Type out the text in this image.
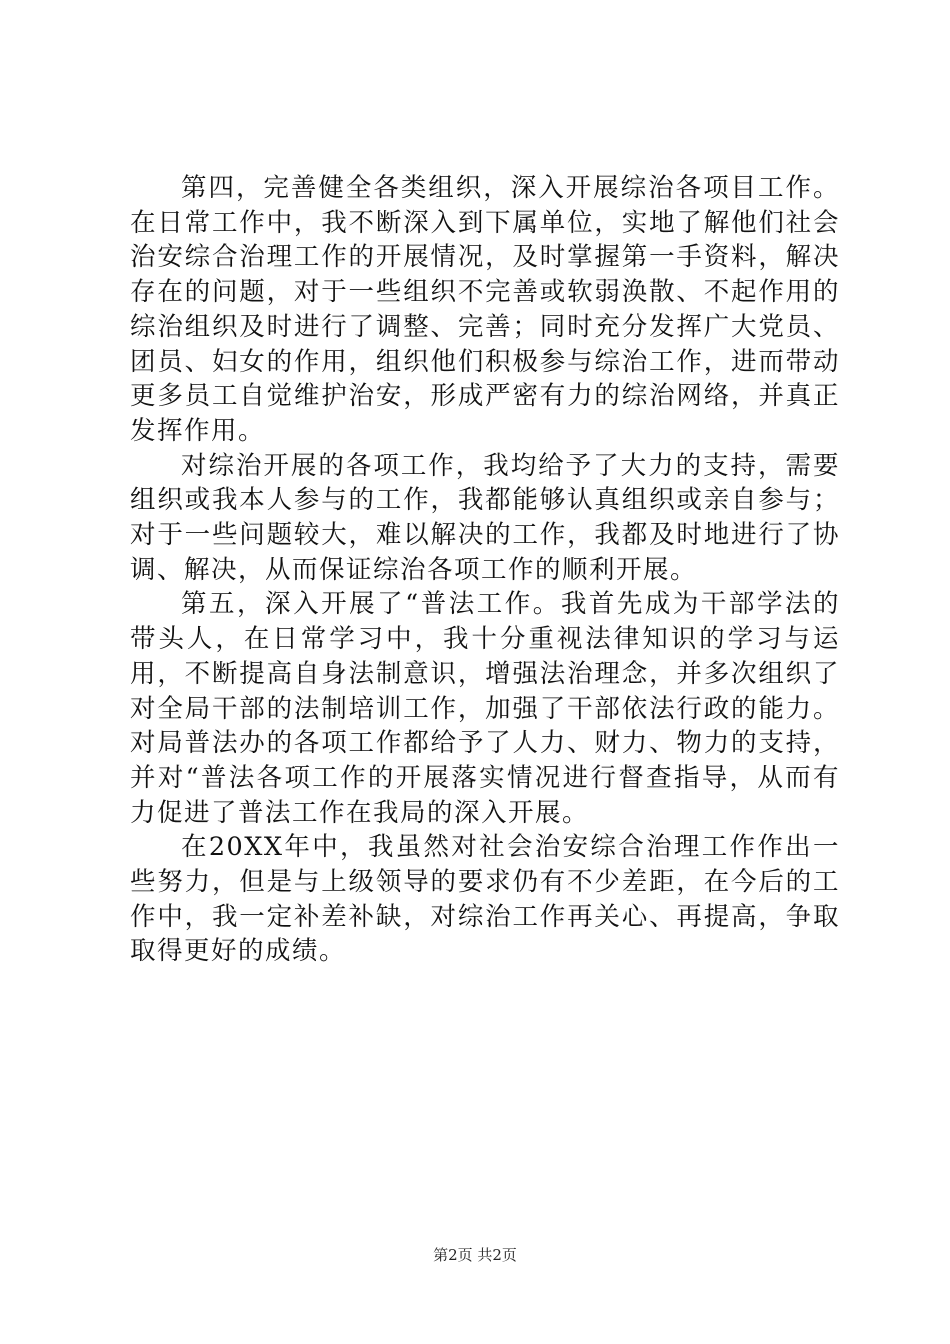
第四，完善健全各类组织，深入开展综治各项目工作。在日常工作中，我不断深入到下属单位，实地了解他们社会治安综合治理工作的开展情况，及时掌握第一手资料，解决存在的问题，对于一些组织不完善或软弱涣散、不起作用的综治组织及时进行了调整、完善；同时充分发挥广大党员、团员、妇女的作用，组织他们积极参与综治工作，进而带动更多员工自觉维护治安，形成严密有力的综治网络，并真正发挥作用。

对综治开展的各项工作，我均给予了大力的支持，需要组织或我本人参与的工作，我都能够认真组织或亲自参与；对于一些问题较大，难以解决的工作，我都及时地进行了协调、解决，从而保证综治各项工作的顺利开展。

第五，深入开展了“普法工作。我首先成为干部学法的带头人，在日常学习中，我十分重视法律知识的学习与运用，不断提高自身法制意识，增强法治理念，并多次组织了对全局干部的法制培训工作，加强了干部依法行政的能力。对局普法办的各项工作都给予了人力、财力、物力的支持，并对“普法各项工作的开展落实情况进行督查指导，从而有力促进了普法工作在我局的深入开展。

在20XX年中，我虽然对社会治安综合治理工作作出一些努力，但是与上级领导的要求仍有不少差距，在今后的工作中，我一定补差补缺，对综治工作再关心、再提高，争取取得更好的成绩。

第2页 共2页
